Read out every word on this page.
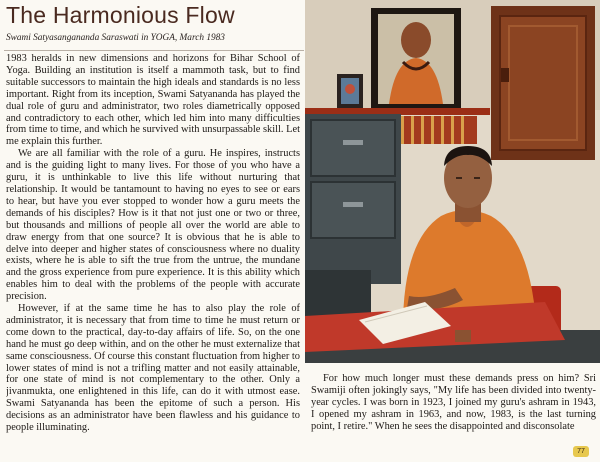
The Harmonious Flow
Swami Satyasangananda Saraswati in YOGA, March 1983

1983 heralds in new dimensions and horizons for Bihar School of Yoga. Building an institution is itself a mammoth task, but to find suitable successors to maintain the high ideals and standards is no less important. Right from its inception, Swami Satyananda has played the dual role of guru and administrator, two roles diametrically opposed and contradictory to each other, which led him into many difficulties from time to time, and which he survived with unsurpassable skill. Let me explain this further.

We are all familiar with the role of a guru. He inspires, instructs and is the guiding light to many lives. For those of you who have a guru, it is unthinkable to live this life without nurturing that relationship. It would be tantamount to having no eyes to see or ears to hear, but have you ever stopped to wonder how a guru meets the demands of his disciples? How is it that not just one or two or three, but thousands and millions of people all over the world are able to draw energy from that one source? It is obvious that he is able to delve into deeper and higher states of consciousness where no duality exists, where he is able to sift the true from the untrue, the mundane and the gross experience from pure experience. It is this ability which enables him to deal with the problems of the people with accurate precision.

However, if at the same time he has to also play the role of administrator, it is necessary that from time to time he must return or come down to the practical, day-to-day affairs of life. So, on the one hand he must go deep within, and on the other he must externalize that same consciousness. Of course this constant fluctuation from higher to lower states of mind is not a trifling matter and not easily attainable, for one state of mind is not complementary to the other. Only a jivanmukta, one enlightened in this life, can do it with utmost ease. Swami Satyananda has been the epitome of such a person. His decisions as an administrator have been flawless and his guidance to people illuminating.

For how much longer must these demands press on him? Sri Swamiji often jokingly says, "My life has been divided into twenty-year cycles. I was born in 1923, I joined my guru's ashram in 1943, I opened my ashram in 1963, and now, 1983, is the last turning point, I retire." When he sees the disappointed and disconsolate

77
